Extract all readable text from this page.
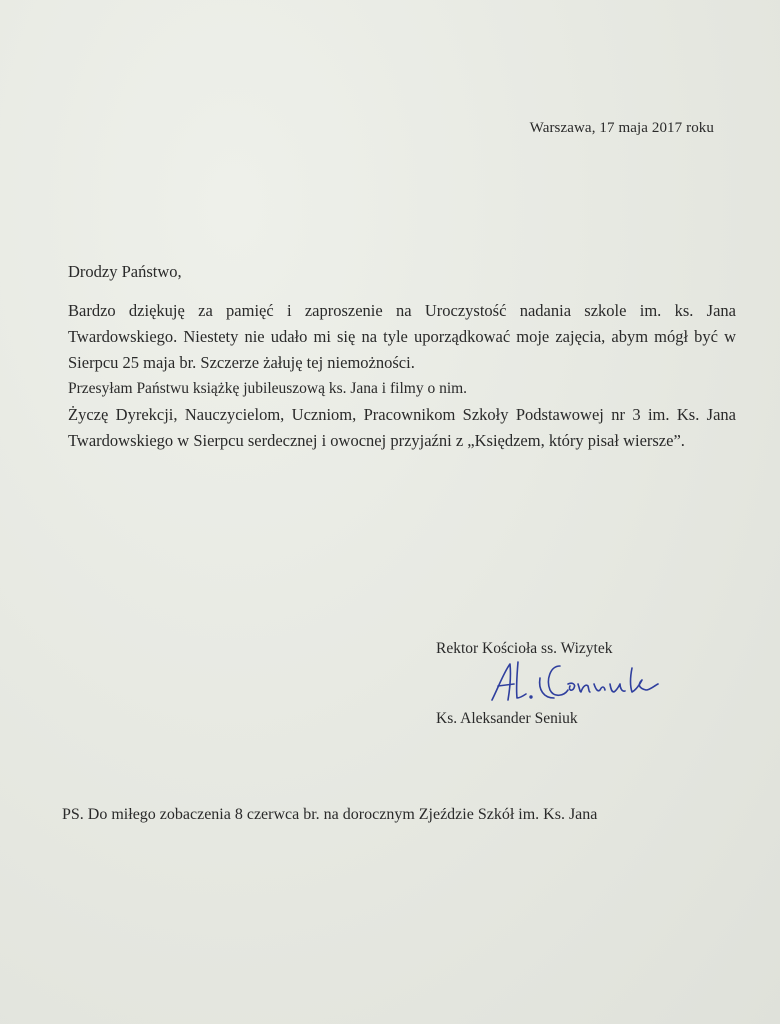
Warszawa, 17 maja 2017 roku
Drodzy Państwo,

Bardzo dziękuję za pamięć i zaproszenie na Uroczystość nadania szkole im. ks. Jana Twardowskiego. Niestety nie udało mi się na tyle uporządkować moje zajęcia, abym mógł być w Sierpcu 25 maja br. Szczerze żałuję tej niemożności.

Przesyłam Państwu książkę jubileuszową ks. Jana i filmy o nim.

Życzę Dyrekcji, Nauczycielom, Uczniom, Pracownikom Szkoły Podstawowej nr 3 im. Ks. Jana Twardowskiego w Sierpcu serdecznej i owocnej przyjaźni z „Księdzem, który pisał wiersze”.

Rektor Kościoła ss. Wizytek
Ks. Aleksander Seniuk
PS. Do miłego zobaczenia 8 czerwca br. na dorocznym Zjeździe Szkół im. Ks. Jana
